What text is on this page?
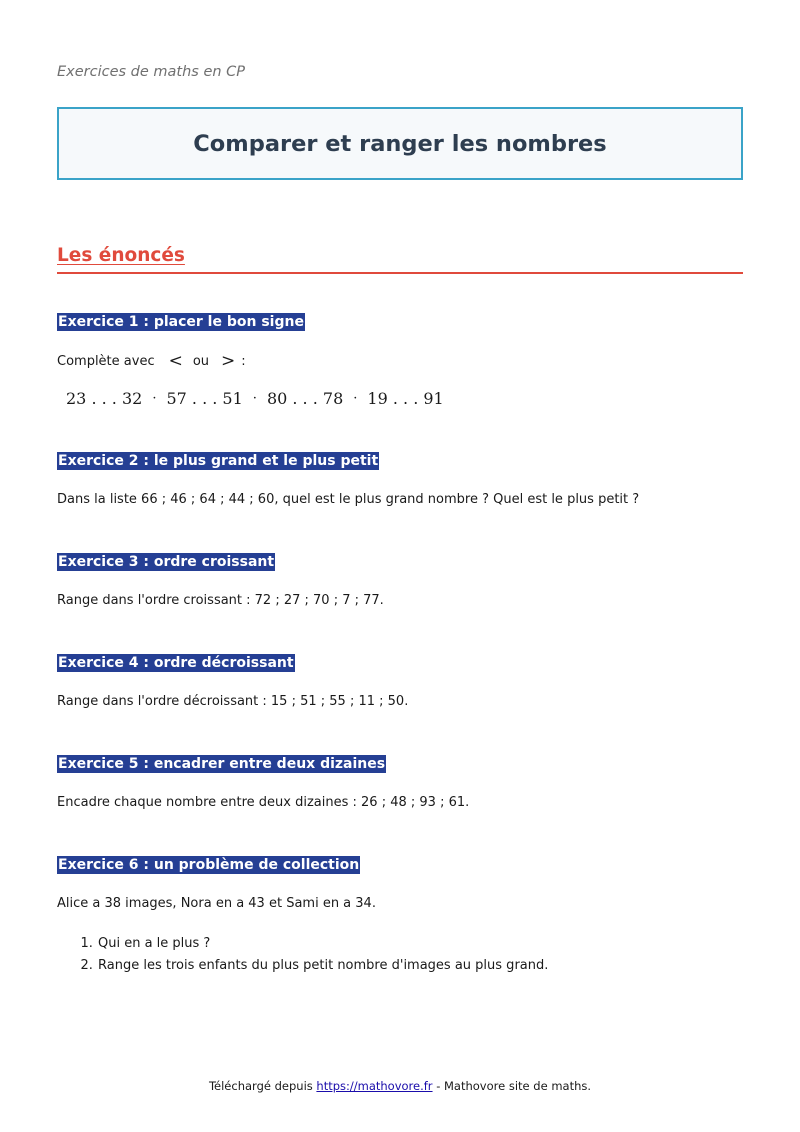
Exercices de maths en CP
Comparer et ranger les nombres
Les énoncés
Exercice 1 : placer le bon signe
Complète avec < ou > :
23 . . . 32 · 57 . . . 51 · 80 . . . 78 · 19 . . . 91
Exercice 2 : le plus grand et le plus petit
Dans la liste 66 ; 46 ; 64 ; 44 ; 60, quel est le plus grand nombre ? Quel est le plus petit ?
Exercice 3 : ordre croissant
Range dans l'ordre croissant : 72 ; 27 ; 70 ; 7 ; 77.
Exercice 4 : ordre décroissant
Range dans l'ordre décroissant : 15 ; 51 ; 55 ; 11 ; 50.
Exercice 5 : encadrer entre deux dizaines
Encadre chaque nombre entre deux dizaines : 26 ; 48 ; 93 ; 61.
Exercice 6 : un problème de collection
Alice a 38 images, Nora en a 43 et Sami en a 34.
1. Qui en a le plus ?
2. Range les trois enfants du plus petit nombre d'images au plus grand.
Téléchargé depuis https://mathovore.fr - Mathovore site de maths.
